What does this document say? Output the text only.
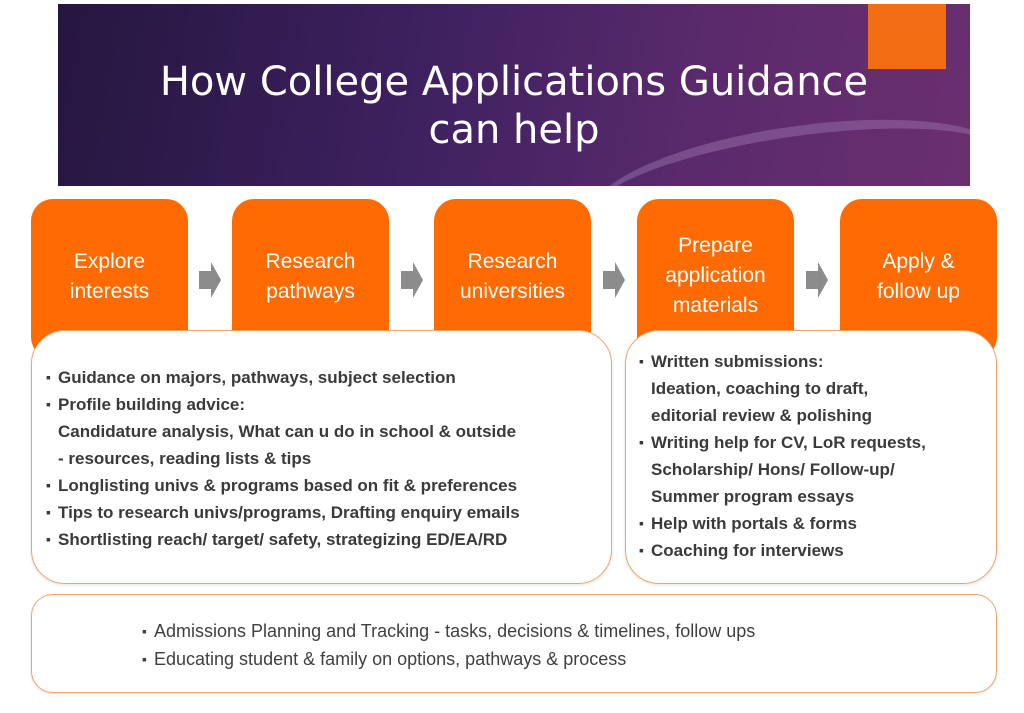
How College Applications Guidance
can help
Explore
interests
Research
pathways
Research
universities
Prepare
application
materials
Apply &
follow up
▪ Guidance on majors, pathways, subject selection
▪ Profile building advice:
Candidature analysis, What can u do in school & outside
- resources, reading lists & tips
▪ Longlisting univs & programs based on fit & preferences
▪ Tips to research univs/programs, Drafting enquiry emails
▪ Shortlisting reach/ target/ safety, strategizing ED/EA/RD
▪ Written submissions:
Ideation, coaching to draft,
editorial review & polishing
▪ Writing help for CV, LoR requests,
Scholarship/ Hons/ Follow-up/
Summer program essays
▪ Help with portals & forms
▪ Coaching for interviews
▪ Admissions Planning and Tracking - tasks, decisions & timelines, follow ups
▪ Educating student & family on options, pathways & process
